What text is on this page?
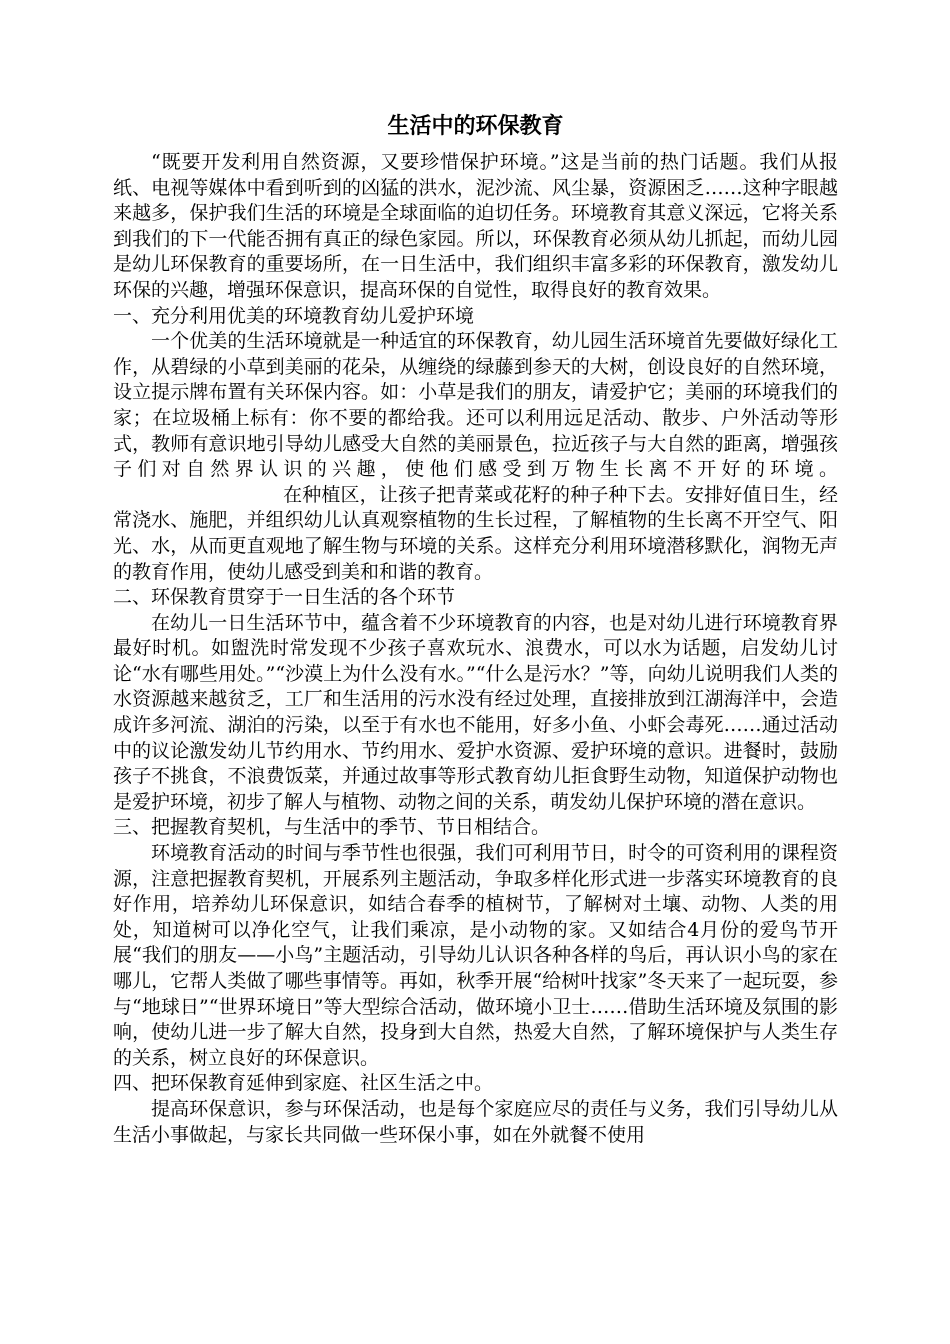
生活中的环保教育

“既要开发利用自然资源，又要珍惜保护环境。”这是当前的热门话题。我们从报纸、电视等媒体中看到听到的凶猛的洪水，泥沙流、风尘暴，资源困乏……这种字眼越来越多，保护我们生活的环境是全球面临的迫切任务。环境教育其意义深远，它将关系到我们的下一代能否拥有真正的绿色家园。所以，环保教育必须从幼儿抓起，而幼儿园是幼儿环保教育的重要场所，在一日生活中，我们组织丰富多彩的环保教育，激发幼儿环保的兴趣，增强环保意识，提高环保的自觉性，取得良好的教育效果。

一、充分利用优美的环境教育幼儿爱护环境

一个优美的生活环境就是一种适宜的环保教育，幼儿园生活环境首先要做好绿化工作，从碧绿的小草到美丽的花朵，从缠绕的绿藤到参天的大树，创设良好的自然环境，设立提示牌布置有关环保内容。如：小草是我们的朋友，请爱护它；美丽的环境我们的家；在垃圾桶上标有：你不要的都给我。还可以利用远足活动、散步、户外活动等形式，教师有意识地引导幼儿感受大自然的美丽景色，拉近孩子与大自然的距离，增强孩子们对自然界认识的兴趣，使他们感受到万物生长离不开好的环境。在种植区，让孩子把青菜或花籽的种子种下去。安排好值日生，经常浇水、施肥，并组织幼儿认真观察植物的生长过程，了解植物的生长离不开空气、阳光、水，从而更直观地了解生物与环境的关系。这样充分利用环境潜移默化，润物无声的教育作用，使幼儿感受到美和和谐的教育。

二、环保教育贯穿于一日生活的各个环节

在幼儿一日生活环节中，蕴含着不少环境教育的内容，也是对幼儿进行环境教育界最好时机。如盥洗时常发现不少孩子喜欢玩水、浪费水，可以水为话题，启发幼儿讨论“水有哪些用处。”“沙漠上为什么没有水。”“什么是污水？”等，向幼儿说明我们人类的水资源越来越贫乏，工厂和生活用的污水没有经过处理，直接排放到江湖海洋中，会造成许多河流、湖泊的污染，以至于有水也不能用，好多小鱼、小虾会毒死……通过活动中的议论激发幼儿节约用水、节约用水、爱护水资源、爱护环境的意识。进餐时，鼓励孩子不挑食，不浪费饭菜，并通过故事等形式教育幼儿拒食野生动物，知道保护动物也是爱护环境，初步了解人与植物、动物之间的关系，萌发幼儿保护环境的潜在意识。

三、把握教育契机，与生活中的季节、节日相结合。

环境教育活动的时间与季节性也很强，我们可利用节日，时令的可资利用的课程资源，注意把握教育契机，开展系列主题活动，争取多样化形式进一步落实环境教育的良好作用，培养幼儿环保意识，如结合春季的植树节，了解树对土壤、动物、人类的用处，知道树可以净化空气，让我们乘凉，是小动物的家。又如结合4月份的爱鸟节开展“我们的朋友——小鸟”主题活动，引导幼儿认识各种各样的鸟后，再认识小鸟的家在哪儿，它帮人类做了哪些事情等。再如，秋季开展“给树叶找家”冬天来了一起玩耍，参与“地球日”“世界环境日”等大型综合活动，做环境小卫士……借助生活环境及氛围的影响，使幼儿进一步了解大自然，投身到大自然，热爱大自然，了解环境保护与人类生存的关系，树立良好的环保意识。

四、把环保教育延伸到家庭、社区生活之中。

提高环保意识，参与环保活动，也是每个家庭应尽的责任与义务，我们引导幼儿从生活小事做起，与家长共同做一些环保小事，如在外就餐不使用
